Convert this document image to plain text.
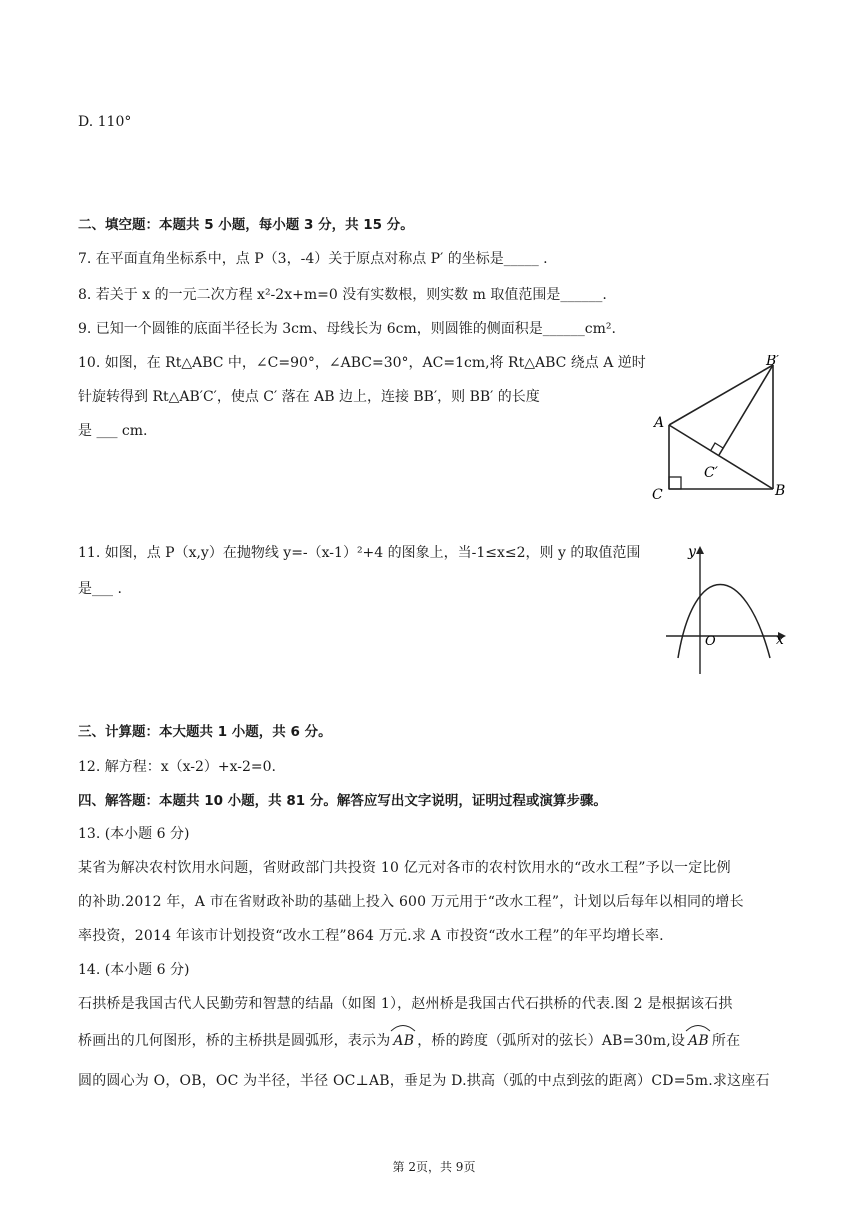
D. 110°
二、填空题：本题共 5 小题，每小题 3 分，共 15 分。
7. 在平面直角坐标系中，点 P（3，-4）关于原点对称点 P′ 的坐标是_____ .
8. 若关于 x 的一元二次方程 x²-2x+m=0 没有实数根，则实数 m 取值范围是______.
9. 已知一个圆锥的底面半径长为 3cm、母线长为 6cm，则圆锥的侧面积是______cm².
10. 如图，在 Rt△ABC 中，∠C=90°，∠ABC=30°，AC=1cm,将 Rt△ABC 绕点 A 逆时
针旋转得到 Rt△AB′C′，使点 C′ 落在 AB 边上，连接 BB′，则 BB′ 的长度
是 ___ cm.	A
B
C
B′
C′
11. 如图，点 P（x,y）在抛物线 y=-（x-1）²+4 的图象上，当-1≤x≤2，则 y 的取值范围
是___ .
y
x
O
三、计算题：本大题共 1 小题，共 6 分。
12. 解方程：x（x-2）+x-2=0.
四、解答题：本题共 10 小题，共 81 分。解答应写出文字说明，证明过程或演算步骤。
13. (本小题 6 分)
某省为解决农村饮用水问题，省财政部门共投资 10 亿元对各市的农村饮用水的“改水工程”予以一定比例
的补助.2012 年，A 市在省财政补助的基础上投入 600 万元用于“改水工程”，计划以后每年以相同的增长
率投资，2014 年该市计划投资“改水工程”864 万元.求 A 市投资“改水工程”的年平均增长率.
14. (本小题 6 分)
石拱桥是我国古代人民勤劳和智慧的结晶（如图 1），赵州桥是我国古代石拱桥的代表.图 2 是根据该石拱
桥画出的几何图形，桥的主桥拱是圆弧形，表示为 AB ，桥的跨度（弧所对的弦长）AB=30m,设 AB 所在
圆的圆心为 O，OB，OC 为半径，半径 OC⊥AB，垂足为 D.拱高（弧的中点到弦的距离）CD=5m.求这座石
第 2页，共 9页
